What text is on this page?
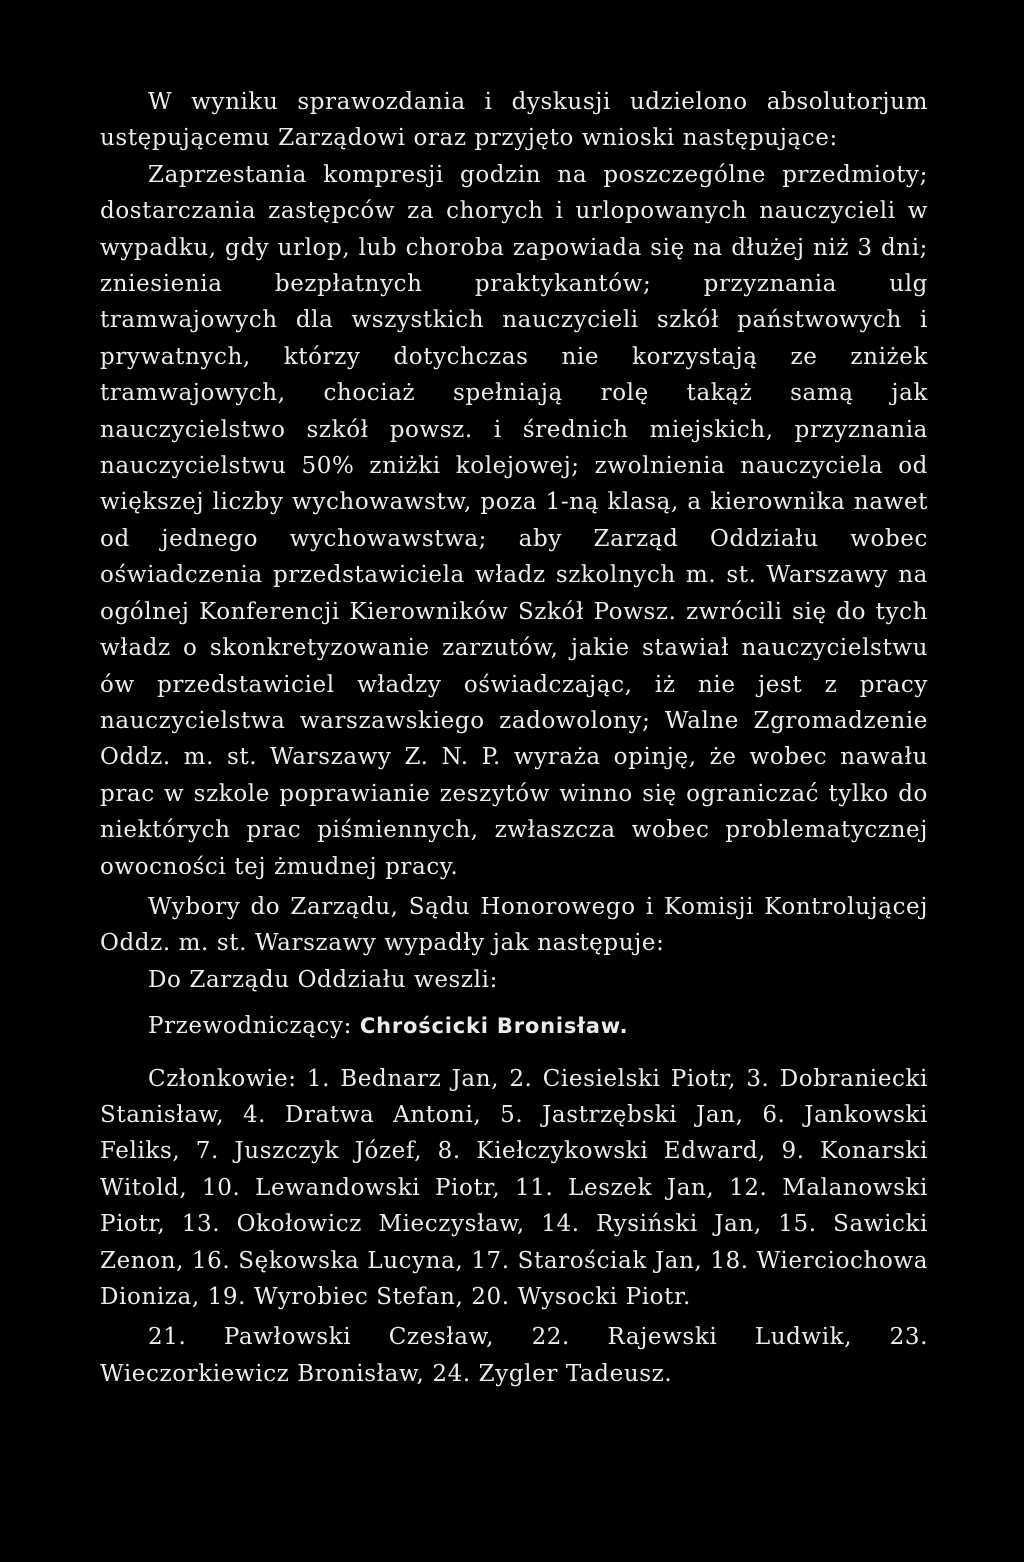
W wyniku sprawozdania i dyskusji udzielono absolutorjum ustępującemu Zarządowi oraz przyjęto wnioski następujące:

Zaprzestania kompresji godzin na poszczególne przedmioty; dostarczania zastępców za chorych i urlopowanych nauczycieli w wypadku, gdy urlop, lub choroba zapowiada się na dłużej niż 3 dni; zniesienia bezpłatnych praktykantów; przyznania ulg tramwajowych dla wszystkich nauczycieli szkół państwowych i prywatnych, którzy dotychczas nie korzystają ze zniżek tramwajowych, chociaż spełniają rolę takąż samą jak nauczycielstwo szkół powsz. i średnich miejskich, przyznania nauczycielstwu 50% zniżki kolejowej; zwolnienia nauczyciela od większej liczby wychowawstw, poza 1-ną klasą, a kierownika nawet od jednego wychowawstwa; aby Zarząd Oddziału wobec oświadczenia przedstawiciela władz szkolnych m. st. Warszawy na ogólnej Konferencji Kierowników Szkół Powsz. zwrócili się do tych władz o skonkretyzowanie zarzutów, jakie stawiał nauczycielstwu ów przedstawiciel władzy oświadczając, iż nie jest z pracy nauczycielstwa warszawskiego zadowolony; Walne Zgromadzenie Oddz. m. st. Warszawy Z. N. P. wyraża opinję, że wobec nawału prac w szkole poprawianie zeszytów winno się ograniczać tylko do niektórych prac piśmiennych, zwłaszcza wobec problematycznej owocności tej żmudnej pracy.

Wybory do Zarządu, Sądu Honorowego i Komisji Kontrolującej Oddz. m. st. Warszawy wypadły jak następuje:

Do Zarządu Oddziału weszli:

Przewodniczący: Chrościcki Bronisław.

Członkowie: 1. Bednarz Jan, 2. Ciesielski Piotr, 3. Dobraniecki Stanisław, 4. Dratwa Antoni, 5. Jastrzębski Jan, 6. Jankowski Feliks, 7. Juszczyk Józef, 8. Kiełczykowski Edward, 9. Konarski Witold, 10. Lewandowski Piotr, 11. Leszek Jan, 12. Malanowski Piotr, 13. Okołowicz Mieczysław, 14. Rysiński Jan, 15. Sawicki Zenon, 16. Sękowska Lucyna, 17. Starościak Jan, 18. Wierciochowa Dioniza, 19. Wyrobiec Stefan, 20. Wysocki Piotr.

21. Pawłowski Czesław, 22. Rajewski Ludwik, 23. Wieczorkiewicz Bronisław, 24. Zygler Tadeusz.
